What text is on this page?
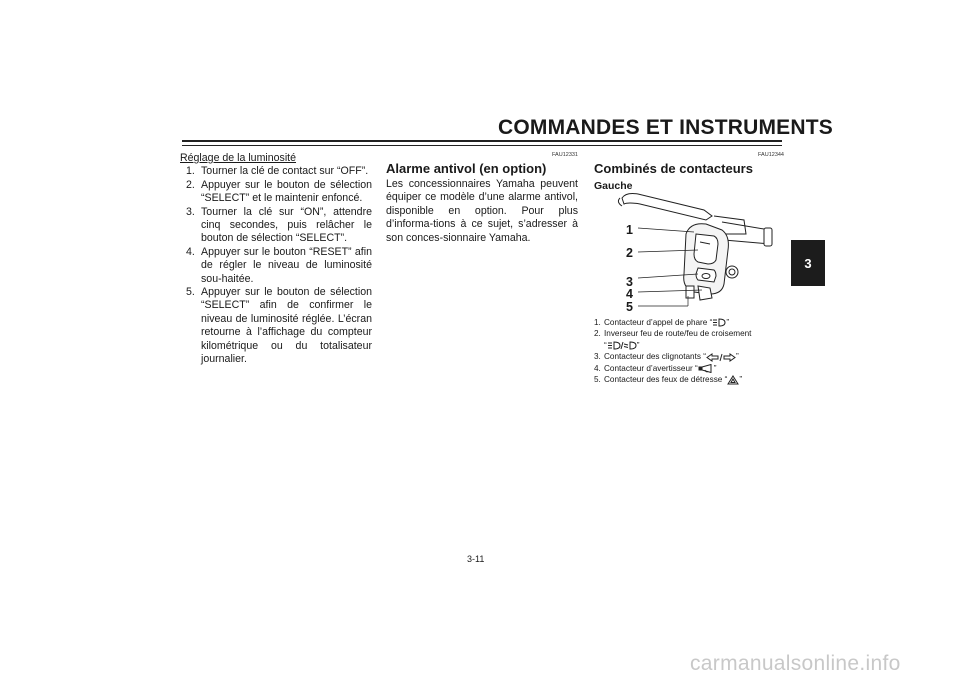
COMMANDES ET INSTRUMENTS
3
Réglage de la luminosité
1. Tourner la clé de contact sur “OFF”.
2. Appuyer sur le bouton de sélection “SELECT” et le maintenir enfoncé.
3. Tourner la clé sur “ON”, attendre cinq secondes, puis relâcher le bouton de sélection “SELECT”.
4. Appuyer sur le bouton “RESET” afin de régler le niveau de luminosité sou-haitée.
5. Appuyer sur le bouton de sélection “SELECT” afin de confirmer le niveau de luminosité réglée. L’écran retourne à l’affichage du compteur kilométrique ou du totalisateur journalier.
FAU12331
Alarme antivol (en option)

Les concessionnaires Yamaha peuvent équiper ce modèle d’une alarme antivol, disponible en option. Pour plus d’informa-tions à ce sujet, s’adresser à son conces-sionnaire Yamaha.

FAU12344
Combinés de contacteurs
Gauche
1
2
3
4
5
1. Contacteur d’appel de phare “ ”
2. Inverseur feu de route/feu de croisement
“	”
3. Contacteur des clignotants “	”
4. Contacteur d’avertisseur “ ”
5. Contacteur des feux de détresse “ ”
3-11
carmanualsonline.info
